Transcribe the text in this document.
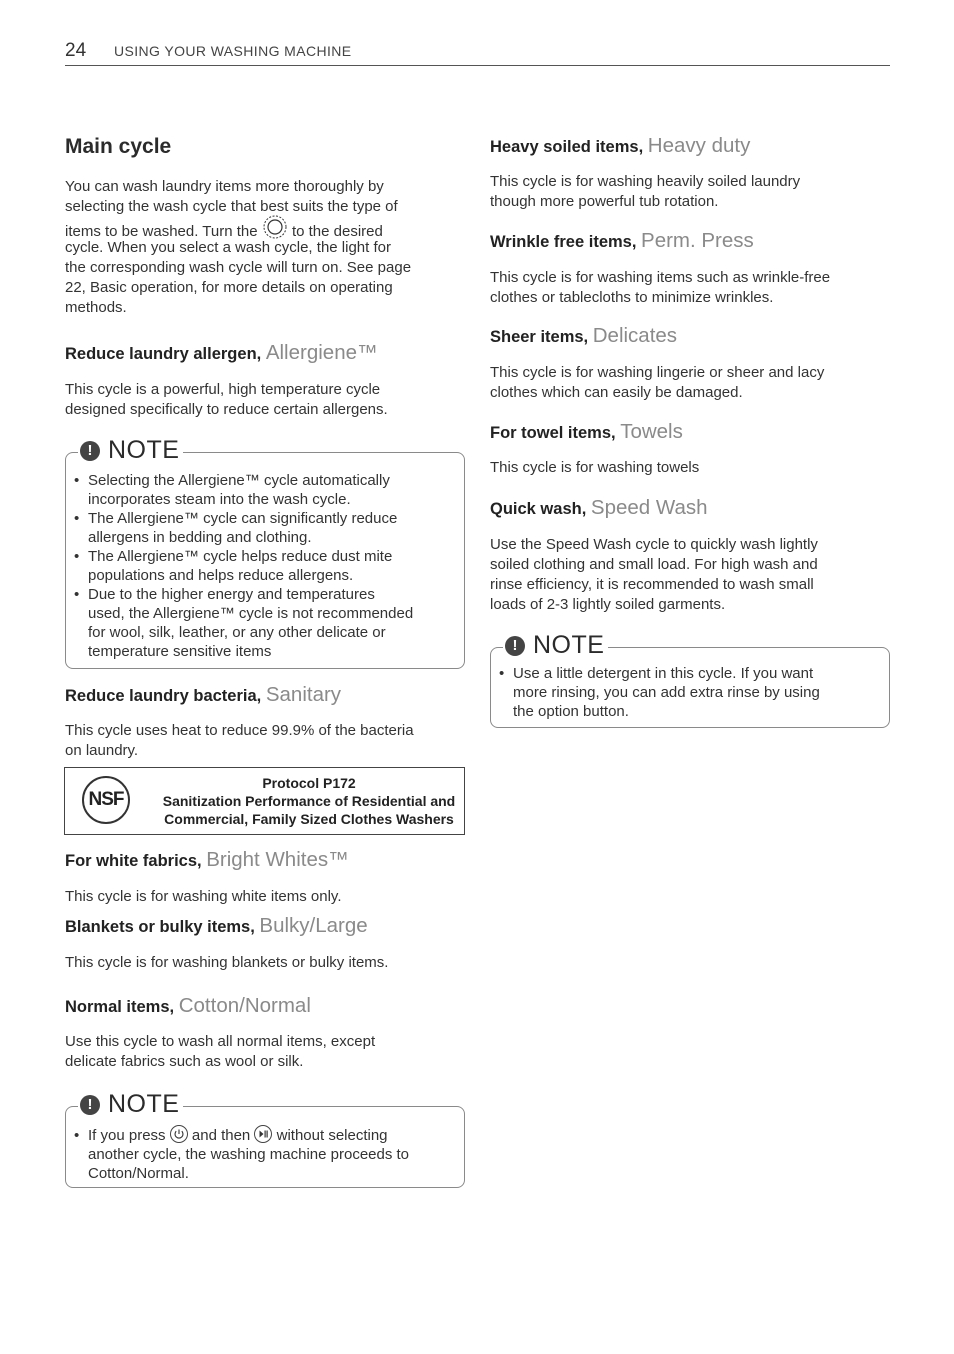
24 USING YOUR WASHING MACHINE
Main cycle
You can wash laundry items more thoroughly by
selecting the wash cycle that best suits the type of
items to be washed. Turn the to the desired
cycle. When you select a wash cycle, the light for
the corresponding wash cycle will turn on. See page
22, Basic operation, for more details on operating
methods.
Reduce laundry allergen, Allergiene™
This cycle is a powerful, high temperature cycle
designed specifically to reduce certain allergens.
! NOTE
• Selecting the Allergiene™ cycle automatically
incorporates steam into the wash cycle.
• The Allergiene™ cycle can significantly reduce
allergens in bedding and clothing.
• The Allergiene™ cycle helps reduce dust mite
populations and helps reduce allergens.
• Due to the higher energy and temperatures
used, the Allergiene™ cycle is not recommended
for wool, silk, leather, or any other delicate or
temperature sensitive items
Reduce laundry bacteria, Sanitary
This cycle uses heat to reduce 99.9% of the bacteria
on laundry.
NSF
Protocol P172
Sanitization Performance of Residential and
Commercial, Family Sized Clothes Washers
For white fabrics, Bright Whites™
This cycle is for washing white items only.
Blankets or bulky items, Bulky/Large
This cycle is for washing blankets or bulky items.
Normal items, Cotton/Normal
Use this cycle to wash all normal items, except
delicate fabrics such as wool or silk.
! NOTE
• If you press and then without selecting
another cycle, the washing machine proceeds to
Cotton/Normal.
Heavy soiled items, Heavy duty
This cycle is for washing heavily soiled laundry
though more powerful tub rotation.
Wrinkle free items, Perm. Press
This cycle is for washing items such as wrinkle-free
clothes or tablecloths to minimize wrinkles.
Sheer items, Delicates
This cycle is for washing lingerie or sheer and lacy
clothes which can easily be damaged.
For towel items, Towels
This cycle is for washing towels
Quick wash, Speed Wash
Use the Speed Wash cycle to quickly wash lightly
soiled clothing and small load. For high wash and
rinse efficiency, it is recommended to wash small
loads of 2-3 lightly soiled garments.
! NOTE
• Use a little detergent in this cycle. If you want
more rinsing, you can add extra rinse by using
the option button.
